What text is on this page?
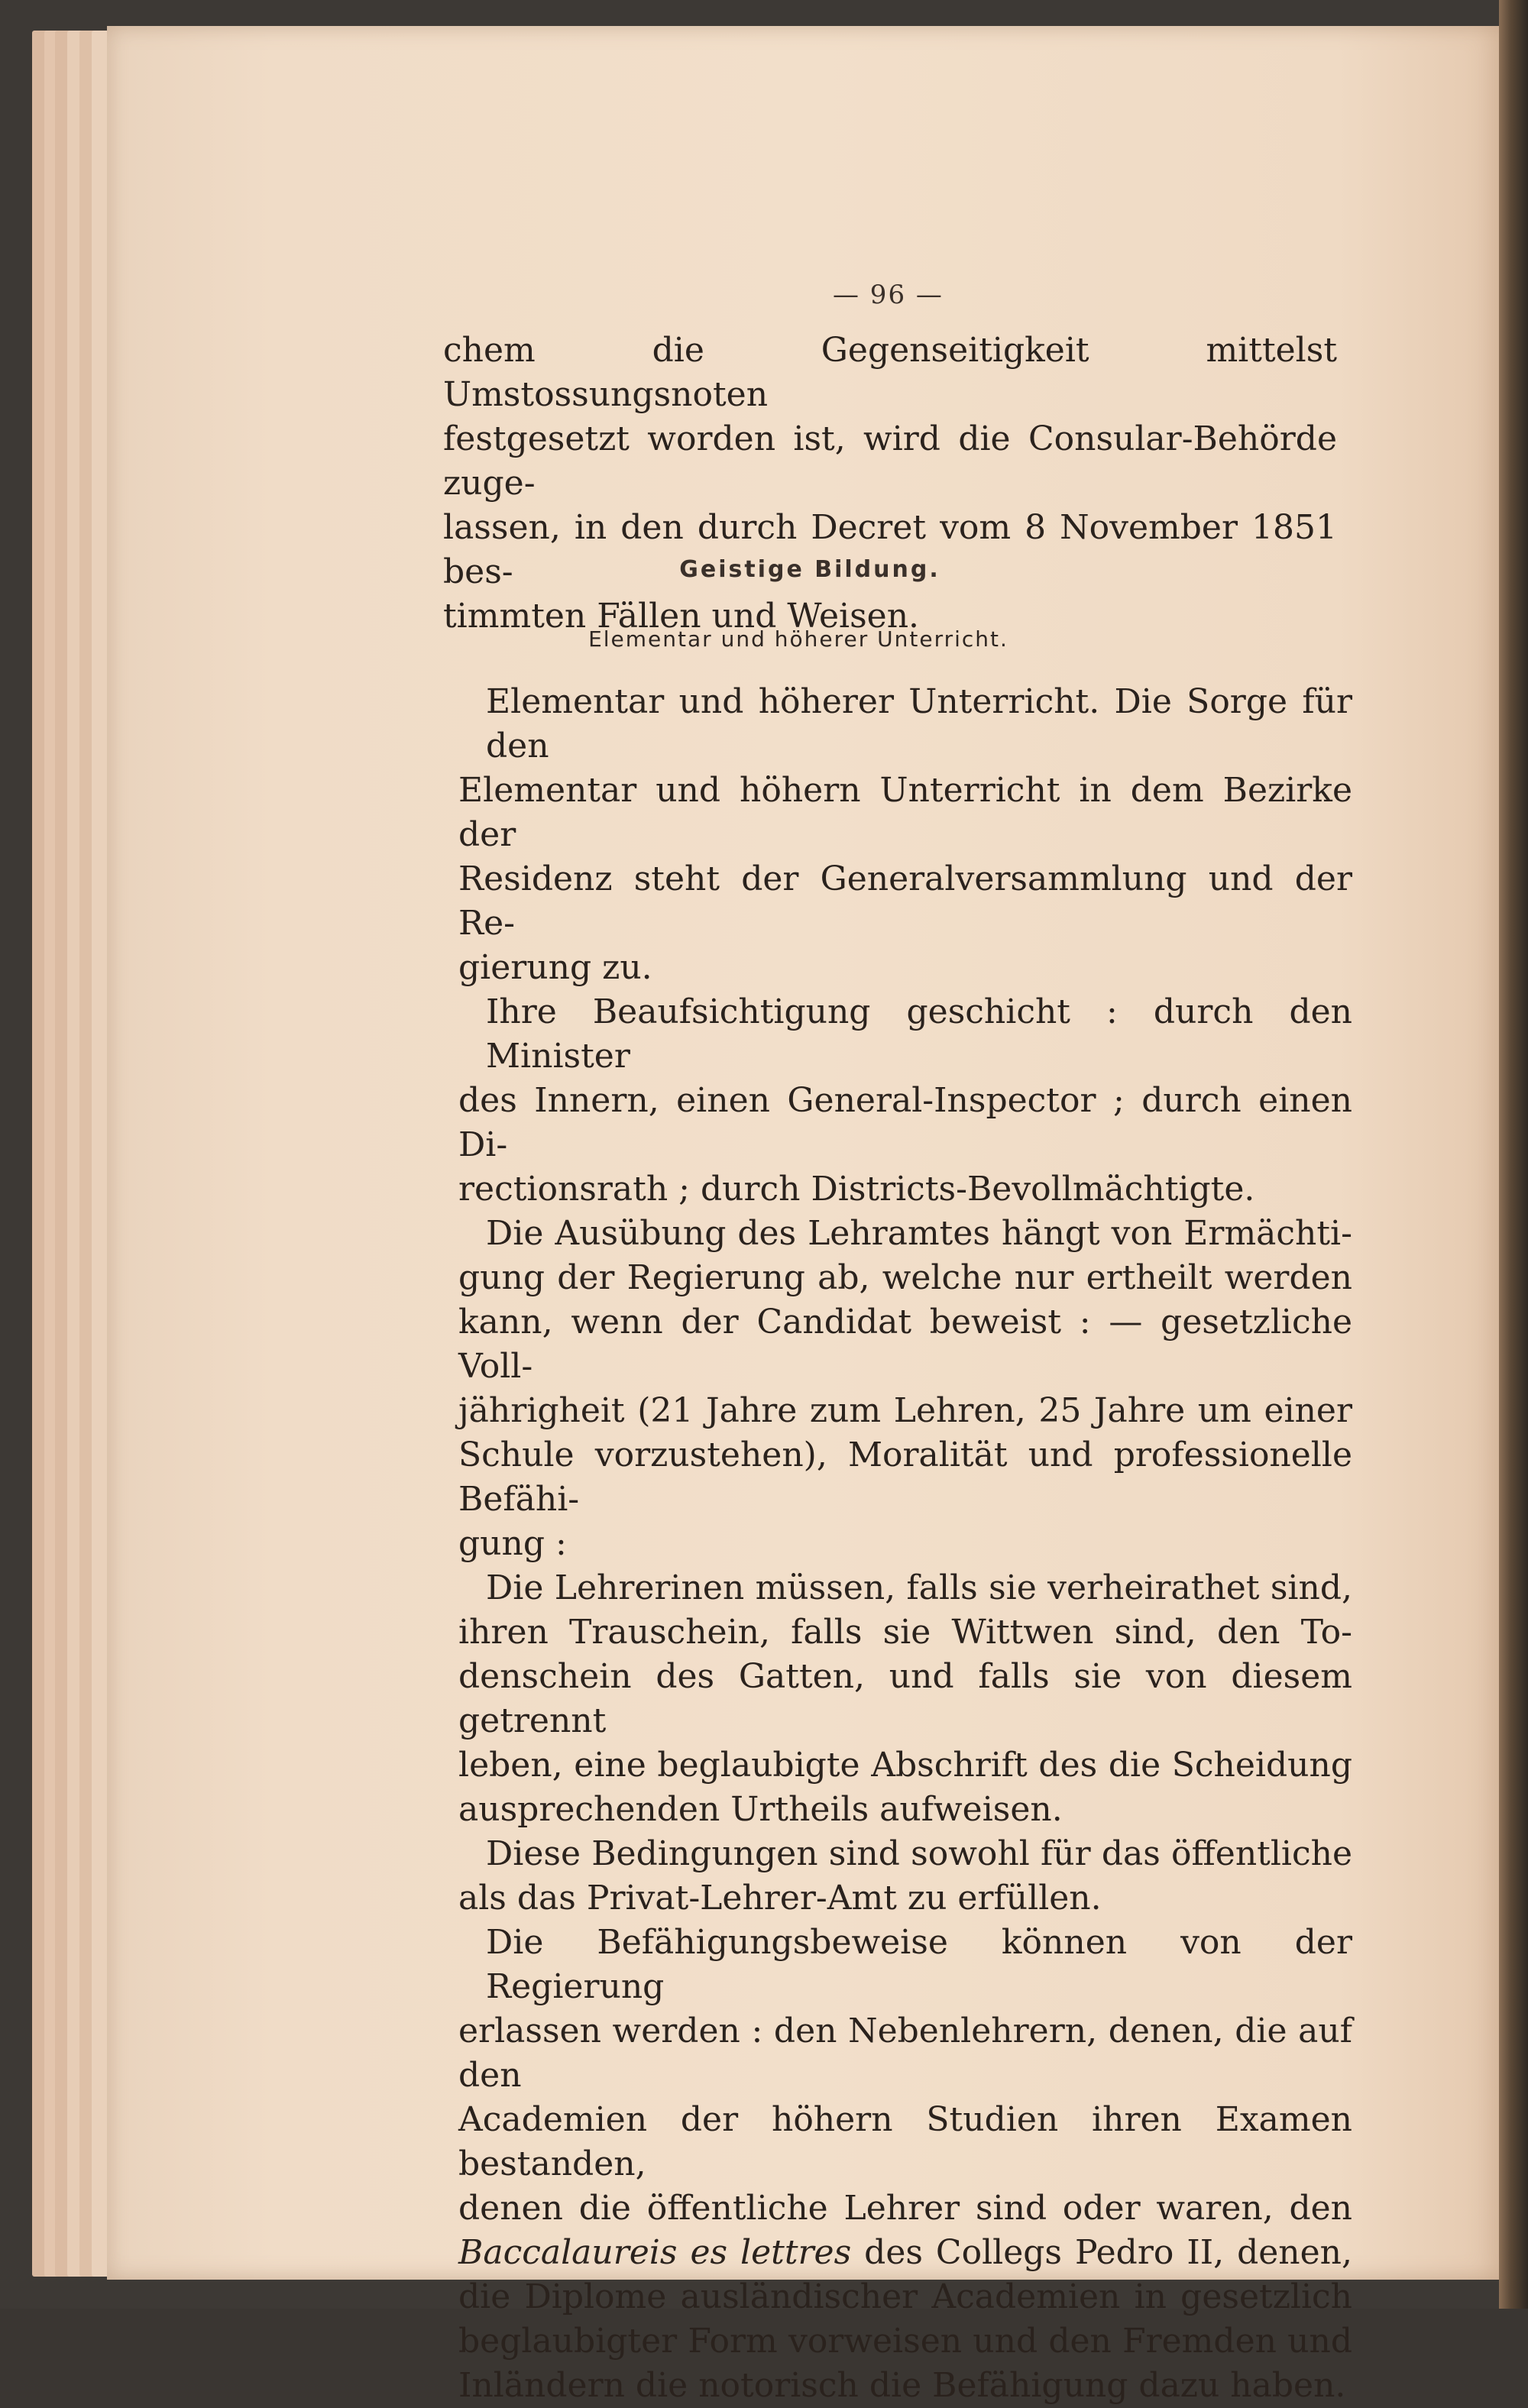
— 96 —
chem die Gegenseitigkeit mittelst Umstossungsnoten
festgesetzt worden ist, wird die Consular-Behörde zuge-
lassen, in den durch Decret vom 8 November 1851 bes-
timmten Fällen und Weisen.
Geistige Bildung.
Elementar und höherer Unterricht.
Elementar und höherer Unterricht. Die Sorge für den
Elementar und höhern Unterricht in dem Bezirke der
Residenz steht der Generalversammlung und der Re-
gierung zu.
Ihre Beaufsichtigung geschicht : durch den Minister
des Innern, einen General-Inspector ; durch einen Di-
rectionsrath ; durch Districts-Bevollmächtigte.
Die Ausübung des Lehramtes hängt von Ermächti-
gung der Regierung ab, welche nur ertheilt werden
kann, wenn der Candidat beweist : — gesetzliche Voll-
jährigheit (21 Jahre zum Lehren, 25 Jahre um einer
Schule vorzustehen), Moralität und professionelle Befähi-
gung :
Die Lehrerinen müssen, falls sie verheirathet sind,
ihren Trauschein, falls sie Wittwen sind, den To-
denschein des Gatten, und falls sie von diesem getrennt
leben, eine beglaubigte Abschrift des die Scheidung
ausprechenden Urtheils aufweisen.
Diese Bedingungen sind sowohl für das öffentliche
als das Privat-Lehrer-Amt zu erfüllen.
Die Befähigungsbeweise können von der Regierung
erlassen werden : den Nebenlehrern, denen, die auf den
Academien der höhern Studien ihren Examen bestanden,
denen die öffentliche Lehrer sind oder waren, den
Baccalaureis es lettres des Collegs Pedro II, denen,
die Diplome ausländischer Academien in gesetzlich
beglaubigter Form vorweisen und den Fremden und
Inländern die notorisch die Befähigung dazu haben.
